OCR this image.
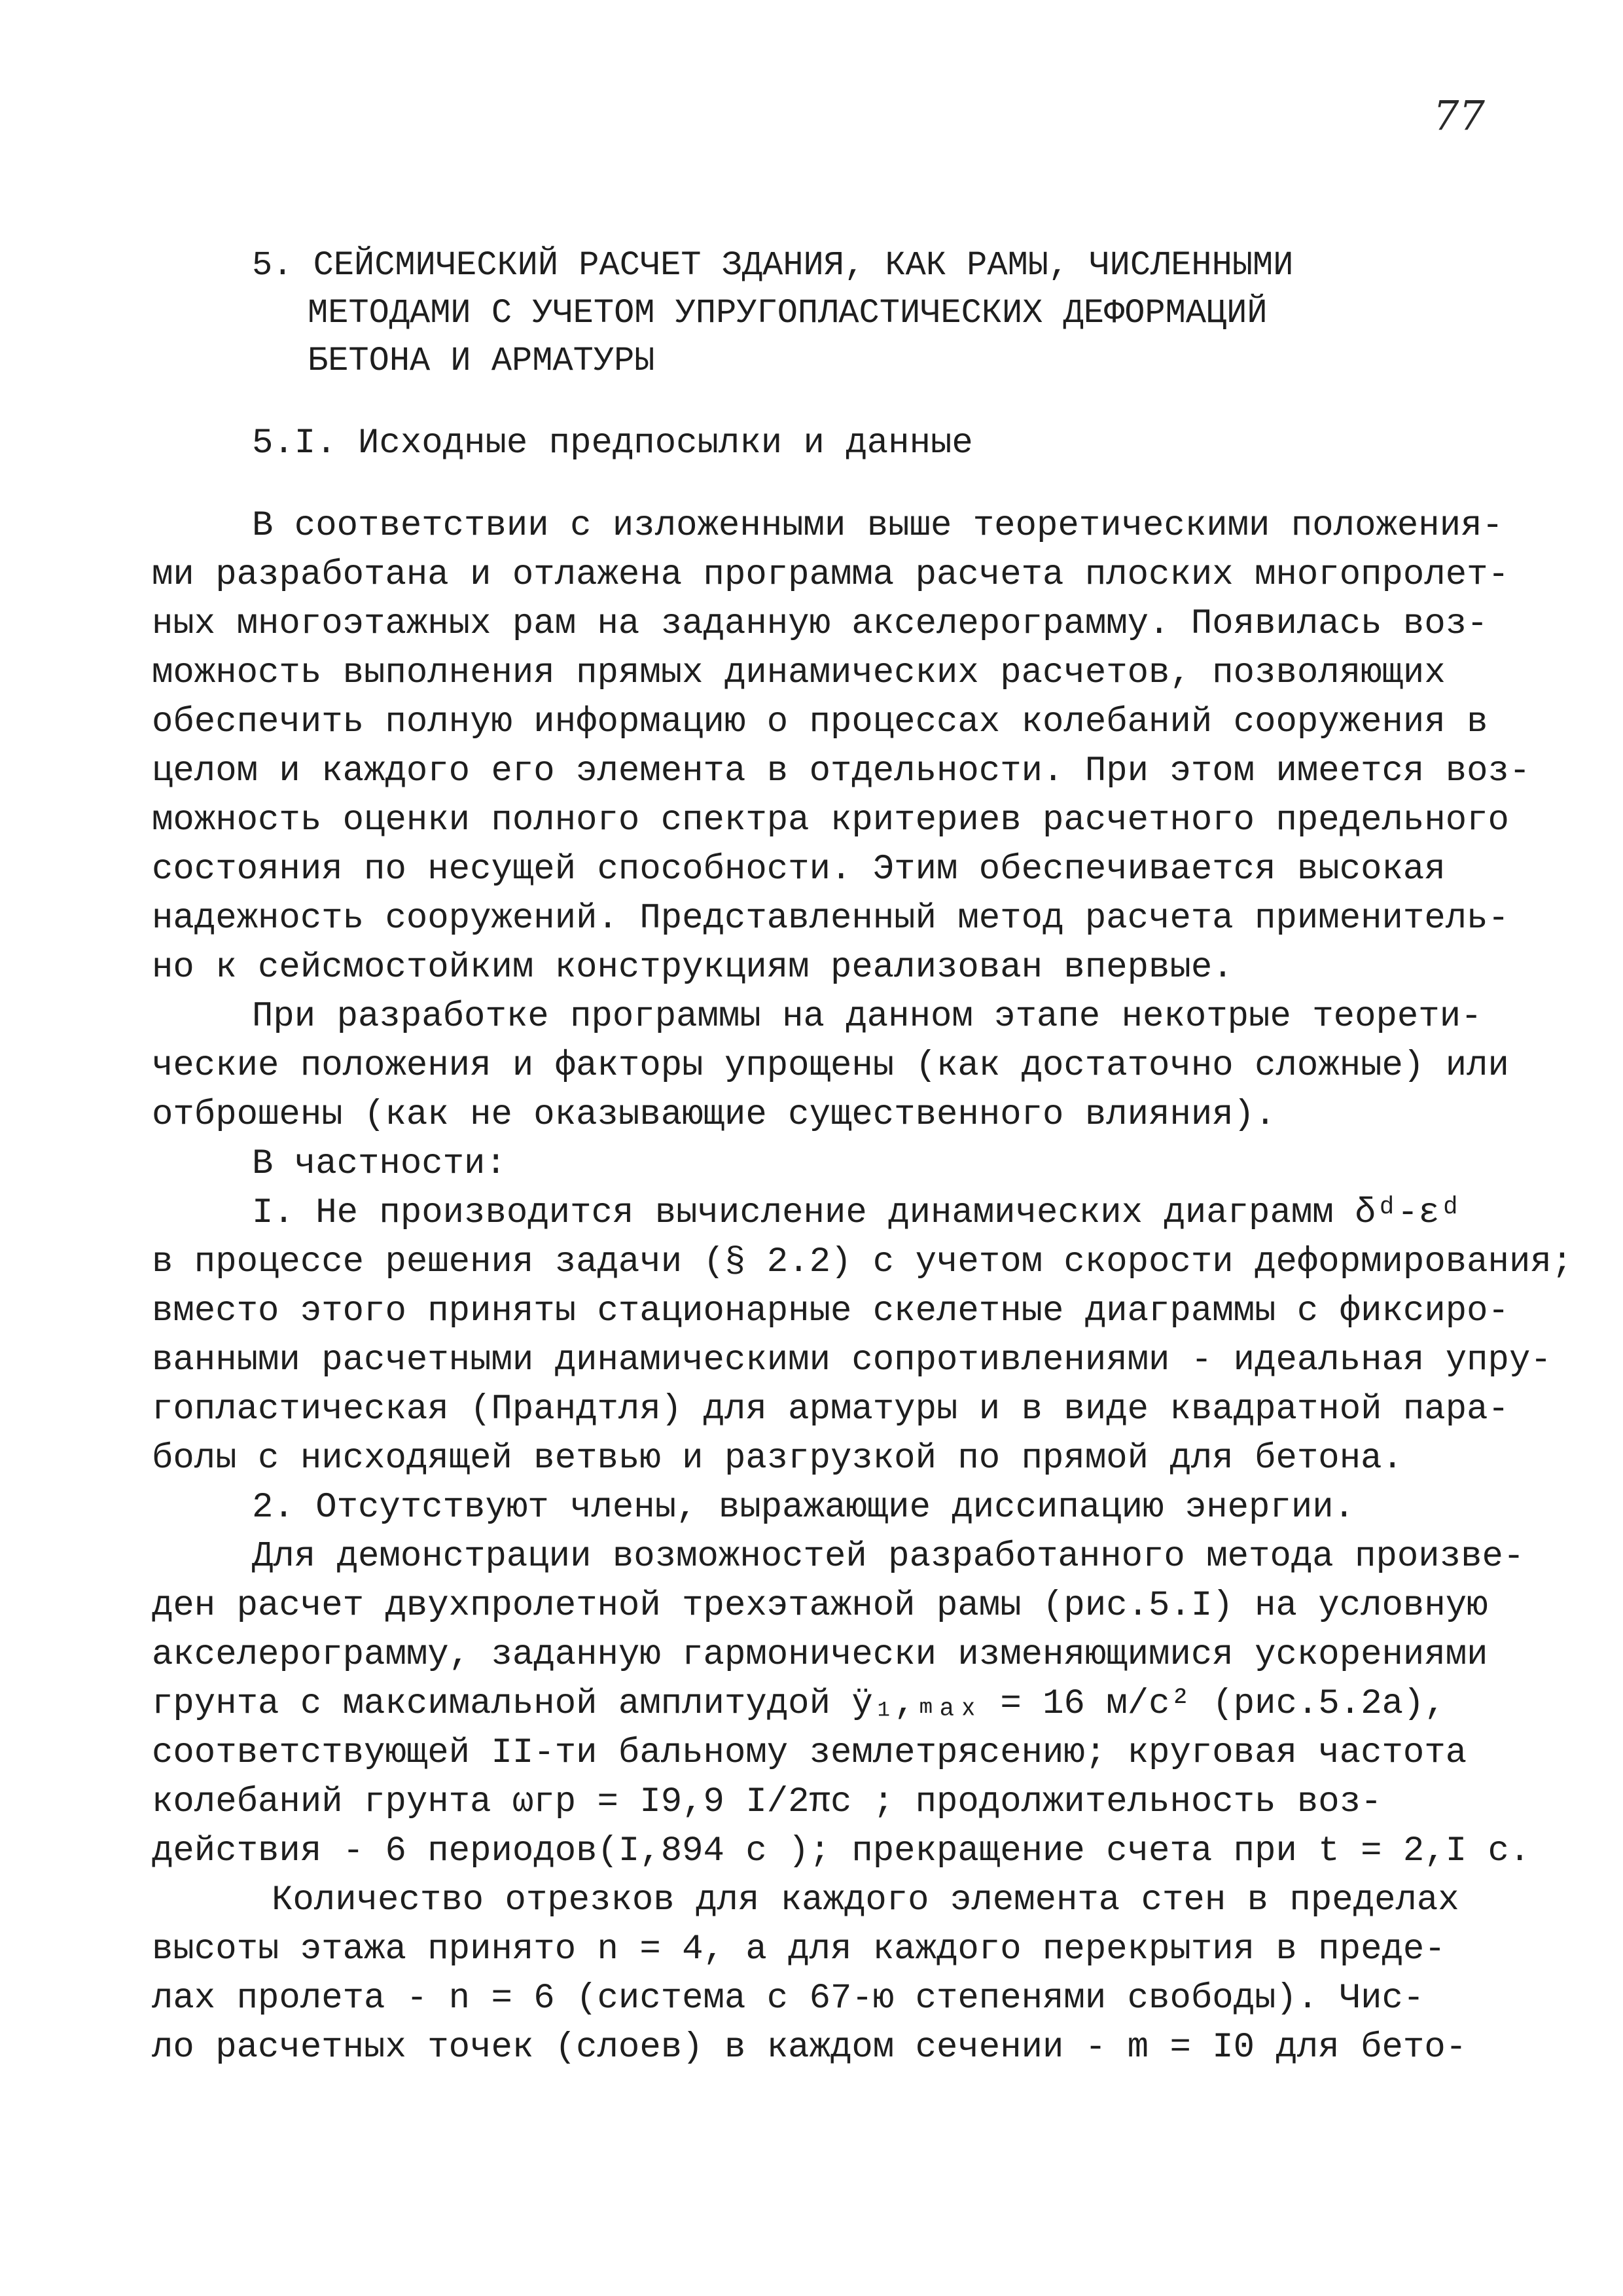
77
5. СЕЙСМИЧЕСКИЙ РАСЧЕТ ЗДАНИЯ, КАК РАМЫ, ЧИСЛЕННЫМИ
МЕТОДАМИ С УЧЕТОМ УПРУГОПЛАСТИЧЕСКИХ ДЕФОРМАЦИЙ
БЕТОНА И АРМАТУРЫ
5.I. Исходные предпосылки и данные
В соответствии с изложенными выше теоретическими положения-
ми разработана и отлажена программа расчета плоских многопролет-
ных многоэтажных рам на заданную акселерограмму. Появилась воз-
можность выполнения прямых динамических расчетов, позволяющих
обеспечить полную информацию о процессах колебаний сооружения в
целом и каждого его элемента в отдельности. При этом имеется воз-
можность оценки полного спектра критериев расчетного предельного
состояния по несущей способности. Этим обеспечивается высокая
надежность сооружений. Представленный метод расчета применитель-
но к сейсмостойким конструкциям реализован впервые.
При разработке программы на данном этапе некотрые теорети-
ческие положения и факторы упрощены (как достаточно сложные) или
отброшены (как не оказывающие существенного влияния).
В частности:
I. Не производится вычисление динамических диаграмм δᵈ-εᵈ
в процессе решения задачи (§ 2.2) с учетом скорости деформирования;
вместо этого приняты стационарные скелетные диаграммы с фиксиро-
ванными расчетными динамическими сопротивлениями - идеальная упру-
гопластическая (Прандтля) для арматуры и в виде квадратной пара-
болы с нисходящей ветвью и разгрузкой по прямой для бетона.
2. Отсутствуют члены, выражающие диссипацию энергии.
Для демонстрации возможностей разработанного метода произве-
ден расчет двухпролетной трехэтажной рамы (рис.5.I) на условную
акселерограмму, заданную гармонически изменяющимися ускорениями
грунта с максимальной амплитудой ÿ₁,ₘₐₓ = 16 м/с² (рис.5.2а),
соответствующей II-ти бальному землетрясению; круговая частота
колебаний грунта ωгр = I9,9 I/2πс ; продолжительность воз-
действия - 6 периодов(I,894 с ); прекращение счета при t = 2,I с.
Количество отрезков для каждого элемента стен в пределах
высоты этажа принято n = 4, а для каждого перекрытия в преде-
лах пролета - n = 6 (система с 67-ю степенями свободы). Чис-
ло расчетных точек (слоев) в каждом сечении - m = I0 для бето-
